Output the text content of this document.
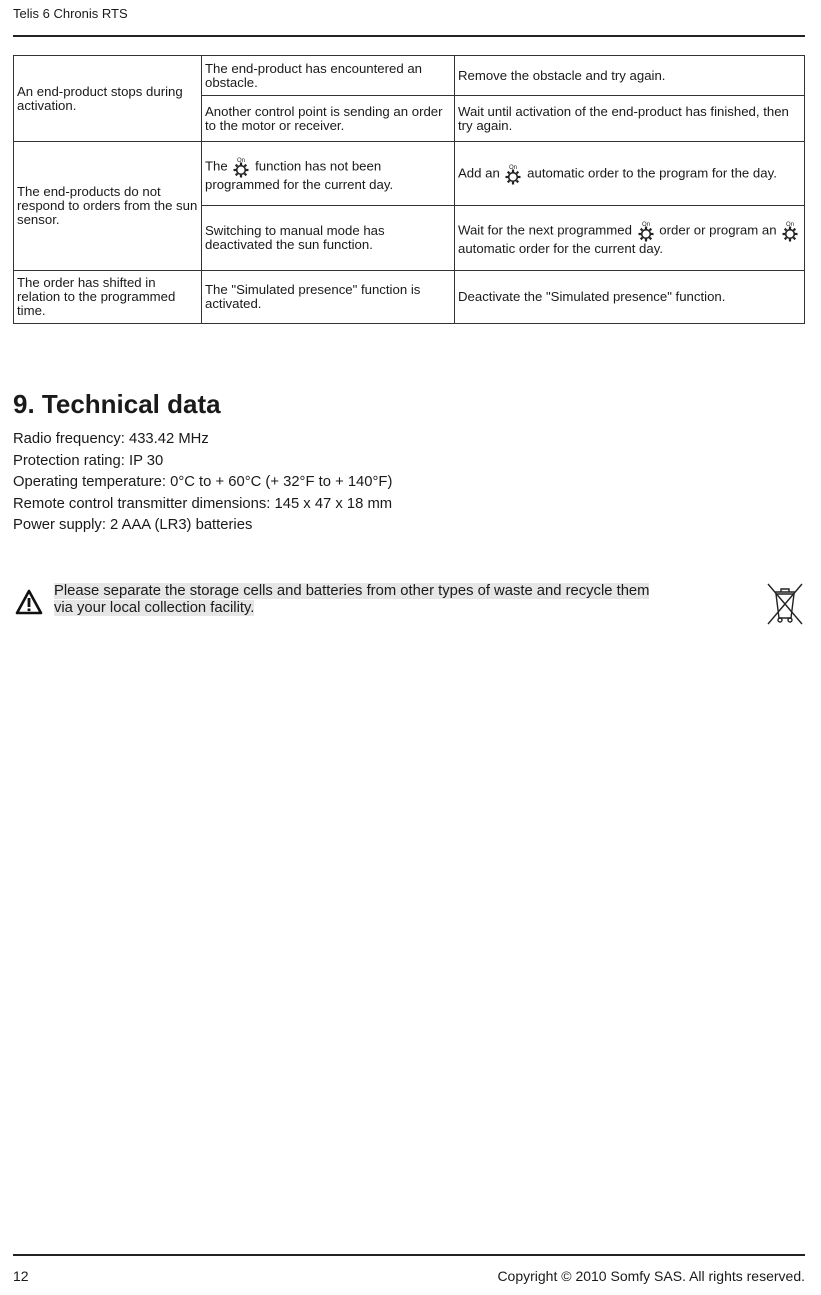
Telis 6 Chronis RTS
An end-product stops during activation.	The end-product has encountered an obstacle.	Remove the obstacle and try again.
	Another control point is sending an order to the motor or receiver.	Wait until activation of the end-product has finished, then try again.
The end-products do not respond to orders from the sun sensor.	The function has not been programmed for the current day.	Add an automatic order to the program for the day.
	Switching to manual mode has deactivated the sun function.	Wait for the next programmed order or program an  automatic order for the current day.
The order has shifted in relation to the programmed time.	The "Simulated presence" function is activated.	Deactivate the "Simulated presence" function.
9. Technical data
Radio frequency: 433.42 MHz
Protection rating: IP 30
Operating temperature: 0°C to + 60°C (+ 32°F to + 140°F)
Remote control transmitter dimensions: 145 x 47 x 18 mm
Power supply: 2 AAA (LR3) batteries
Please separate the storage cells and batteries from other types of waste and recycle them
via your local collection facility.
12	Copyright © 2010 Somfy SAS. All rights reserved.
